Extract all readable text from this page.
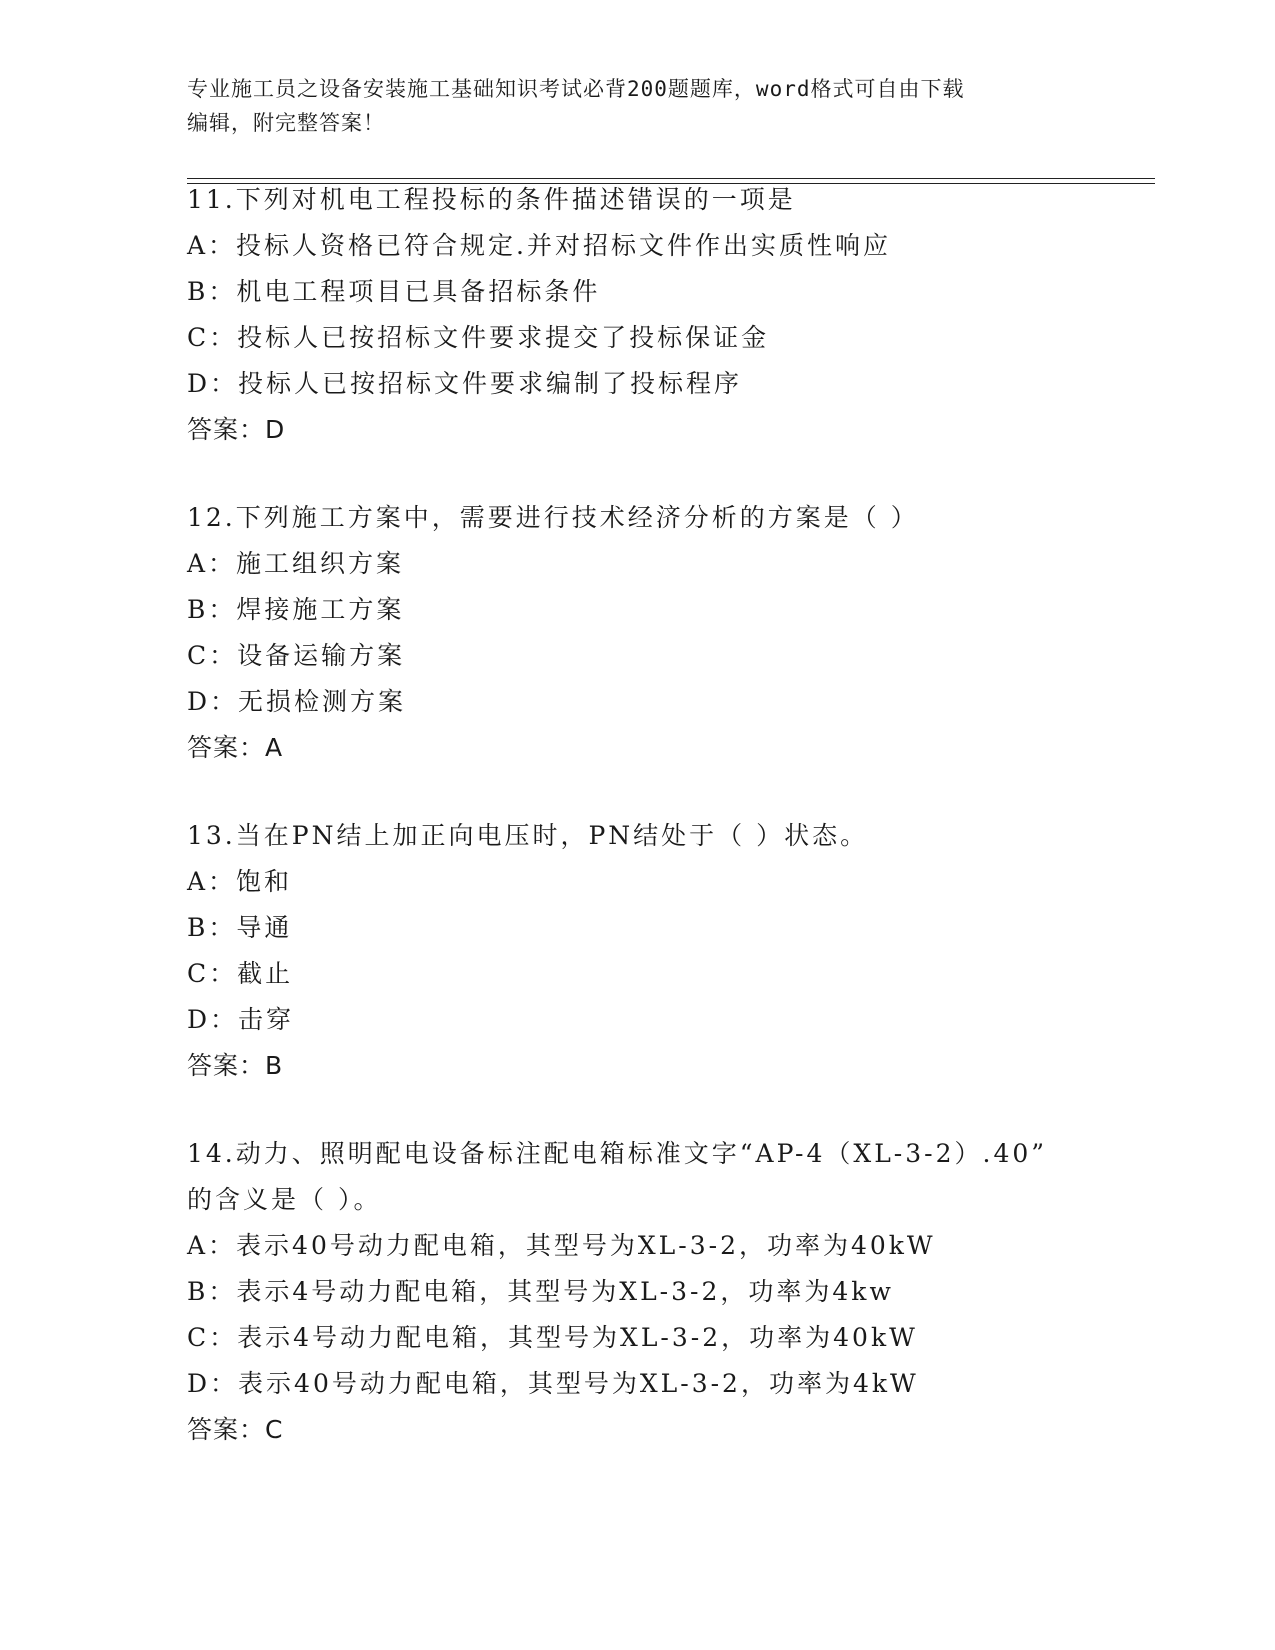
专业施工员之设备安装施工基础知识考试必背200题题库，word格式可自由下载
编辑，附完整答案！
11.下列对机电工程投标的条件描述错误的一项是
A：投标人资格已符合规定.并对招标文件作出实质性响应
B：机电工程项目已具备招标条件
C：投标人已按招标文件要求提交了投标保证金
D：投标人已按招标文件要求编制了投标程序
答案：D
12.下列施工方案中，需要进行技术经济分析的方案是（ ）
A：施工组织方案
B：焊接施工方案
C：设备运输方案
D：无损检测方案
答案：A
13.当在PN结上加正向电压时，PN结处于（ ）状态。
A：饱和
B：导通
C：截止
D：击穿
答案：B
14.动力、照明配电设备标注配电箱标准文字“AP-4（XL-3-2）.40”
的含义是（ ）。
A：表示40号动力配电箱，其型号为XL-3-2，功率为40kW
B：表示4号动力配电箱，其型号为XL-3-2，功率为4kw
C：表示4号动力配电箱，其型号为XL-3-2，功率为40kW
D：表示40号动力配电箱，其型号为XL-3-2，功率为4kW
答案：C
